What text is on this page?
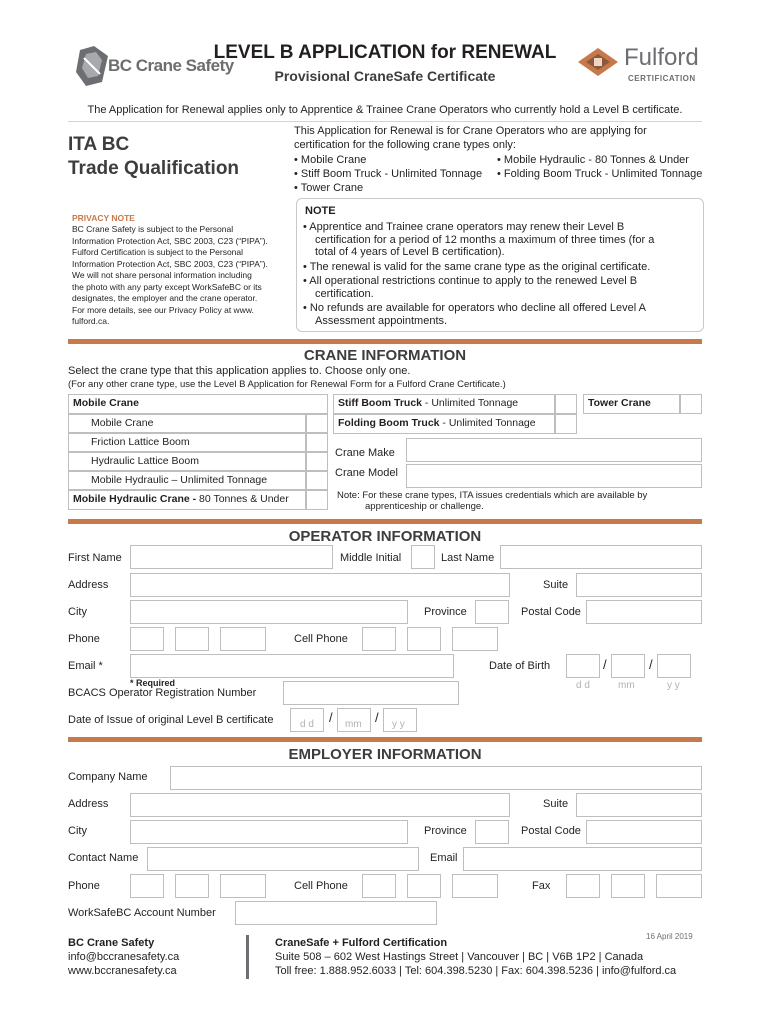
BC Crane Safety
LEVEL B APPLICATION for RENEWAL
Provisional CraneSafe Certificate
Fulford
CERTIFICATION
The Application for Renewal applies only to Apprentice & Trainee Crane Operators who currently hold a Level B certificate.
ITA BC
Trade Qualification
PRIVACY NOTE
BC Crane Safety is subject to the Personal
Information Protection Act, SBC 2003, C23 (“PIPA”).
Fulford Certification is subject to the Personal
Information Protection Act, SBC 2003, C23 (“PIPA”).
We will not share personal information including
the photo with any party except WorkSafeBC or its
designates, the employer and the crane operator.
For more details, see our Privacy Policy at www.
fulford.ca.
This Application for Renewal is for Crane Operators who are applying for
certification for the following crane types only:
• Mobile Crane
• Stiff Boom Truck - Unlimited Tonnage
• Tower Crane
• Mobile Hydraulic - 80 Tonnes & Under
• Folding Boom Truck - Unlimited Tonnage
NOTE
• Apprentice and Trainee crane operators may renew their Level B
certification for a period of 12 months a maximum of three times (for a
total of 4 years of Level B certification).
• The renewal is valid for the same crane type as the original certificate.
• All operational restrictions continue to apply to the renewed Level B
certification.
• No refunds are available for operators who decline all offered Level A
Assessment appointments.
CRANE INFORMATION
Select the crane type that this application applies to. Choose only one.
(For any other crane type, use the Level B Application for Renewal Form for a Fulford Crane Certificate.)
Mobile Crane
Mobile Crane
Friction Lattice Boom
Hydraulic Lattice Boom
Mobile Hydraulic – Unlimited Tonnage
Mobile Hydraulic Crane - 80 Tonnes & Under
Stiff Boom Truck - Unlimited Tonnage
Folding Boom Truck - Unlimited Tonnage
Tower Crane
Crane Make
Crane Model
Note: For these crane types, ITA issues credentials which are available by
apprenticeship or challenge.
OPERATOR INFORMATION
First Name	Middle Initial	Last Name
Address	Suite
City	Province	Postal Code
Phone	Cell Phone
Email *
* Required
Date of Birth	/	/
d d	mm	y y
BCACS Operator Registration Number
Date of Issue of original Level B certificate	d d / mm / y y
EMPLOYER INFORMATION
Company Name
Address	Suite
City	Province	Postal Code
Contact Name	Email
Phone	Cell Phone	Fax
WorkSafeBC Account Number
BC Crane Safety
info@bccranesafety.ca
www.bccranesafety.ca
CraneSafe + Fulford Certification
Suite 508 – 602 West Hastings Street | Vancouver | BC | V6B 1P2 | Canada
Toll free: 1.888.952.6033 | Tel: 604.398.5230 | Fax: 604.398.5236 | info@fulford.ca
16 April 2019
